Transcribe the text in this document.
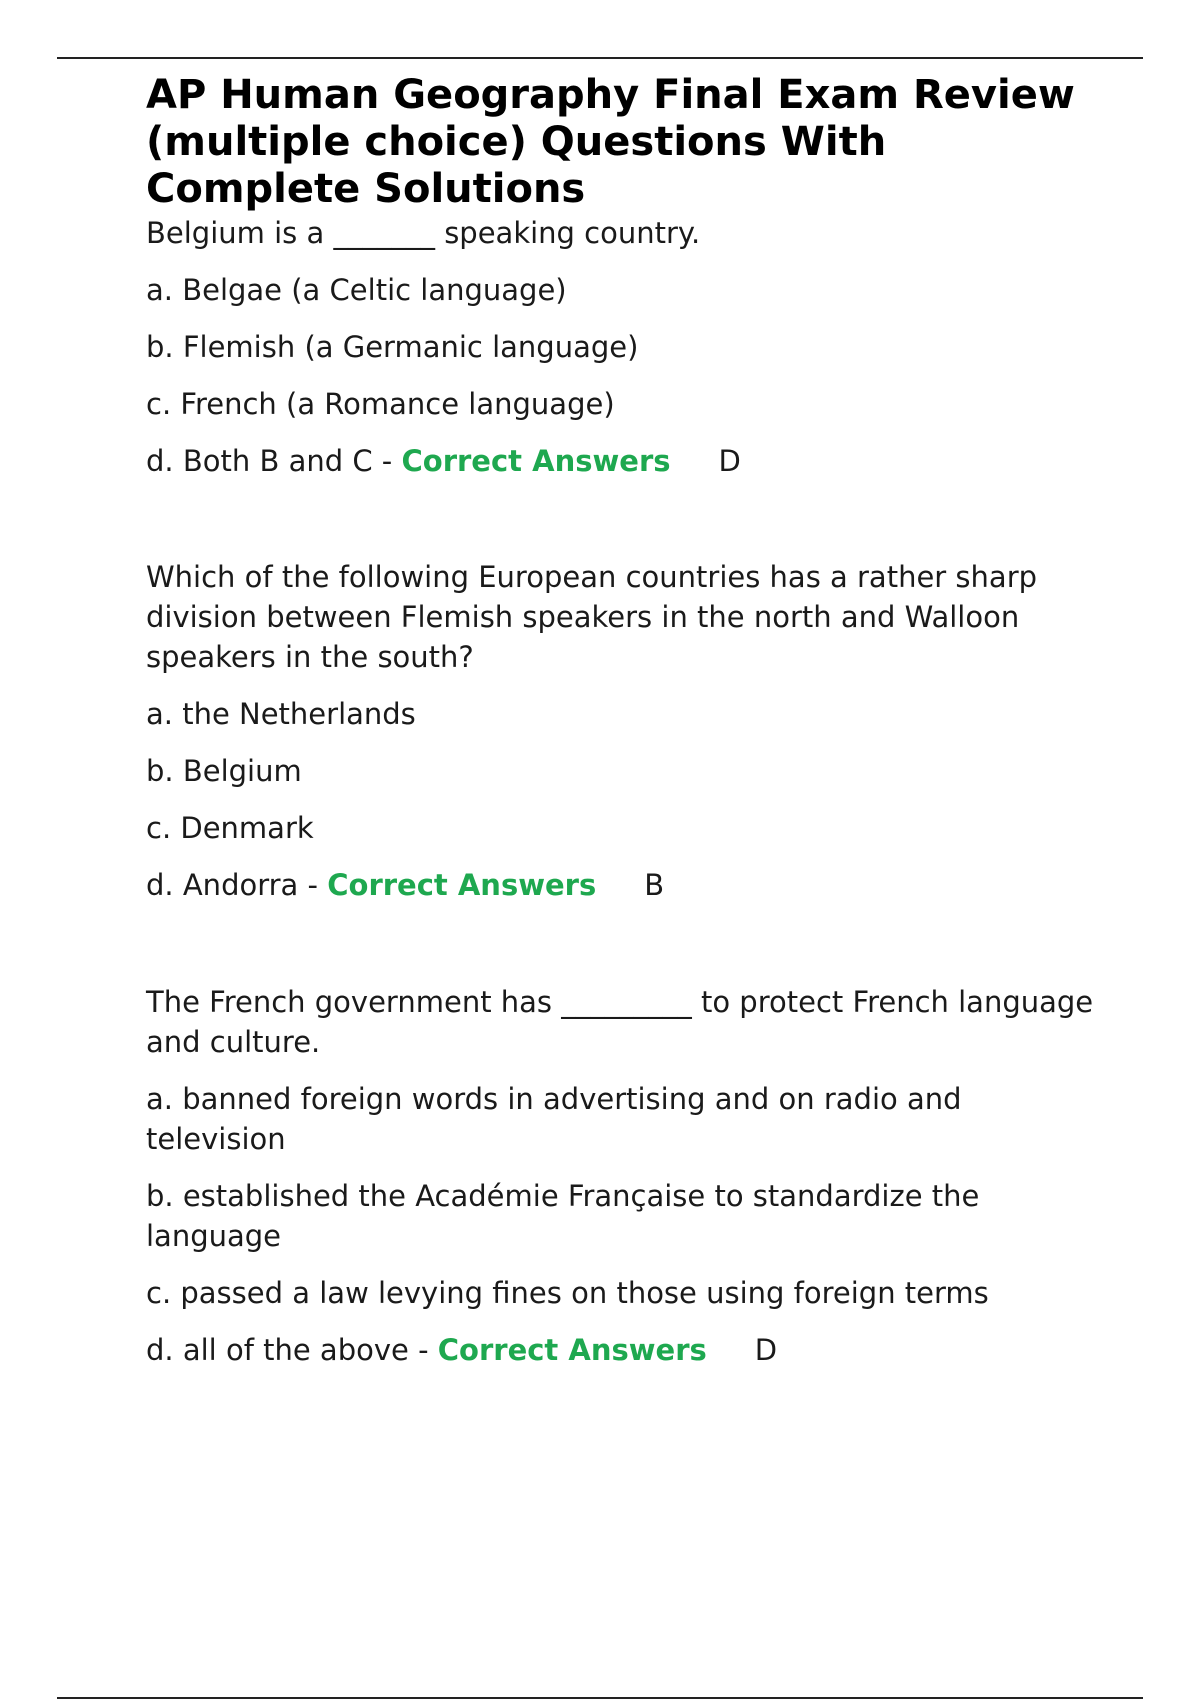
AP Human Geography Final Exam Review (multiple choice) Questions With Complete Solutions

Belgium is a _______ speaking country.

a. Belgae (a Celtic language)

b. Flemish (a Germanic language)

c. French (a Romance language)

d. Both B and C - Correct Answers D

Which of the following European countries has a rather sharp division between Flemish speakers in the north and Walloon speakers in the south?

a. the Netherlands

b. Belgium

c. Denmark

d. Andorra - Correct Answers B

The French government has _________ to protect French language and culture.

a. banned foreign words in advertising and on radio and television

b. established the Académie Française to standardize the language

c. passed a law levying fines on those using foreign terms

d. all of the above - Correct Answers D
